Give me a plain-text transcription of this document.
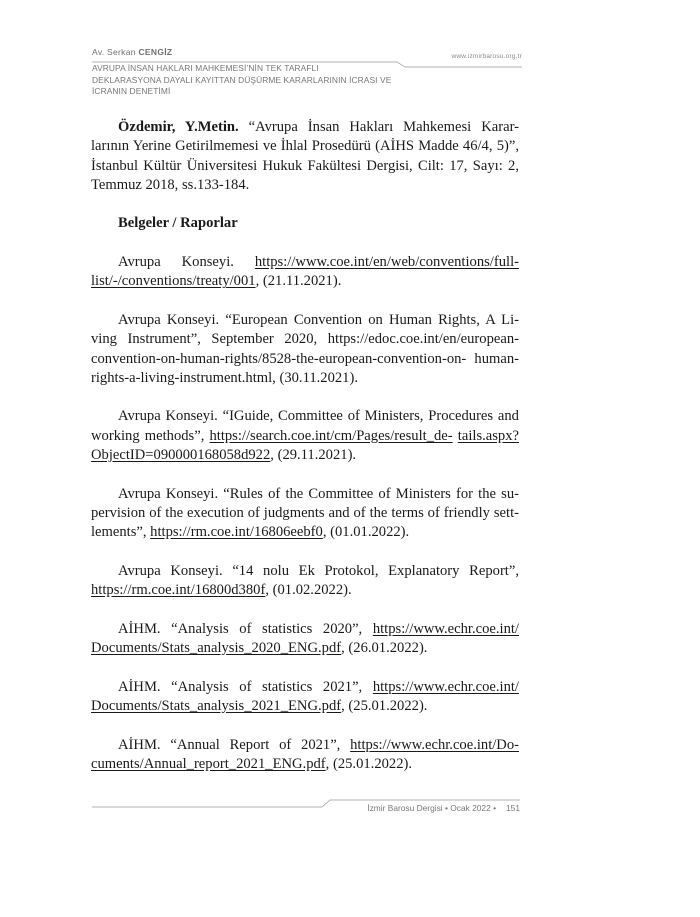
Av. Serkan CENGİZ	www.izmirbarosu.org.tr
AVRUPA İNSAN HAKLARI MAHKEMESİ’NİN TEK TARAFLI
DEKLARASYONA DAYALI KAYITTAN DÜŞÜRME KARARLARININ İCRASI VE
İCRANIN DENETİMİ

Özdemir, Y.Metin. “Avrupa İnsan Hakları Mahkemesi Karar- larının Yerine Getirilmemesi ve İhlal Prosedürü (AİHS Madde 46/4, 5)”, İstanbul Kültür Üniversitesi Hukuk Fakültesi Dergisi, Cilt: 17, Sayı: 2, Temmuz 2018, ss.133-184.

Belgeler / Raporlar

Avrupa Konseyi. https://www.coe.int/en/web/conventions/full- list/-/conventions/treaty/001, (21.11.2021).

Avrupa Konseyi. “European Convention on Human Rights, A Li- ving Instrument”, September 2020, https://edoc.coe.int/en/european- convention-on-human-rights/8528-the-european-convention-on- human-rights-a-living-instrument.html, (30.11.2021).

Avrupa Konseyi. “IGuide, Committee of Ministers, Procedures and working methods”, https://search.coe.int/cm/Pages/result_de- tails.aspx?ObjectID=090000168058d922, (29.11.2021).

Avrupa Konseyi. “Rules of the Committee of Ministers for the su- pervision of the execution of judgments and of the terms of friendly sett- lements”, https://rm.coe.int/16806eebf0, (01.01.2022).

Avrupa Konseyi. “14 nolu Ek Protokol, Explanatory Report”, https://rm.coe.int/16800d380f, (01.02.2022).

AİHM. “Analysis of statistics 2020”, https://www.echr.coe.int/ Documents/Stats_analysis_2020_ENG.pdf, (26.01.2022).

AİHM. “Analysis of statistics 2021”, https://www.echr.coe.int/ Documents/Stats_analysis_2021_ENG.pdf, (25.01.2022).

AİHM. “Annual Report of 2021”, https://www.echr.coe.int/Do- cuments/Annual_report_2021_ENG.pdf, (25.01.2022).

İzmir Barosu Dergisi • Ocak 2022 • 151
